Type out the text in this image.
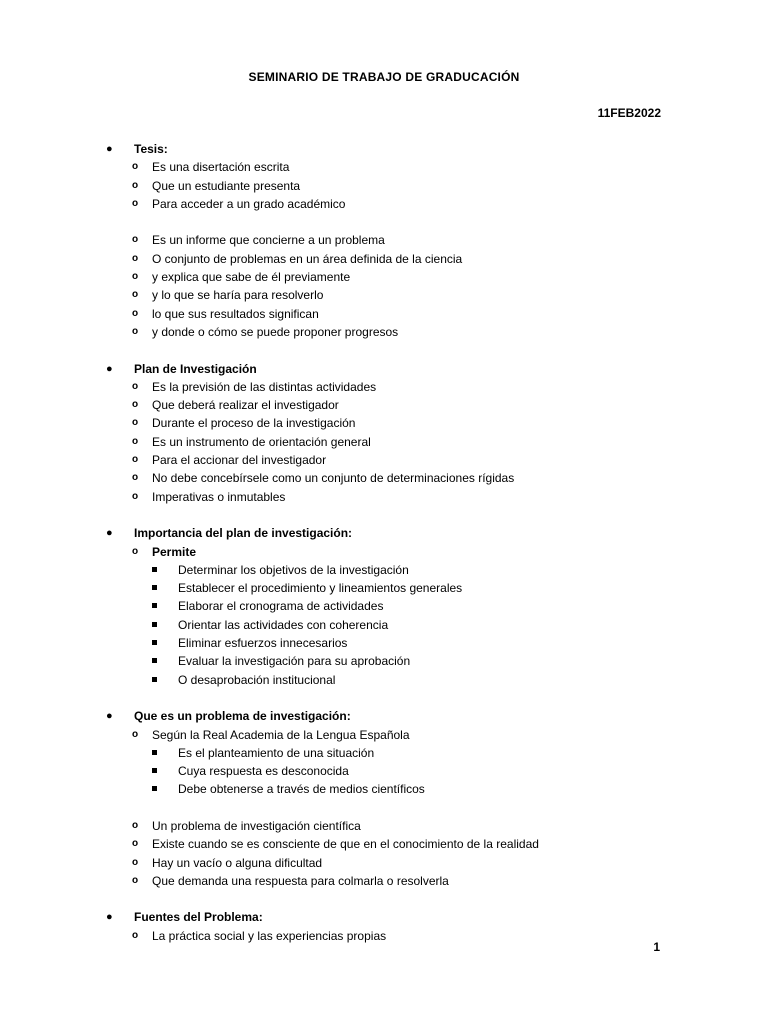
SEMINARIO DE TRABAJO DE GRADUCACIÓN
11FEB2022
● Tesis:
o Es una disertación escrita
o Que un estudiante presenta
o Para acceder a un grado académico
o Es un informe que concierne a un problema
o O conjunto de problemas en un área definida de la ciencia
o y explica que sabe de él previamente
o y lo que se haría para resolverlo
o lo que sus resultados significan
o y donde o cómo se puede proponer progresos
● Plan de Investigación
o Es la previsión de las distintas actividades
o Que deberá realizar el investigador
o Durante el proceso de la investigación
o Es un instrumento de orientación general
o Para el accionar del investigador
o No debe concebírsele como un conjunto de determinaciones rígidas
o Imperativas o inmutables
● Importancia del plan de investigación:
o Permite
Determinar los objetivos de la investigación
Establecer el procedimiento y lineamientos generales
Elaborar el cronograma de actividades
Orientar las actividades con coherencia
Eliminar esfuerzos innecesarios
Evaluar la investigación para su aprobación
O desaprobación institucional
● Que es un problema de investigación:
o Según la Real Academia de la Lengua Española
Es el planteamiento de una situación
Cuya respuesta es desconocida
Debe obtenerse a través de medios científicos
o Un problema de investigación científica
o Existe cuando se es consciente de que en el conocimiento de la realidad
o Hay un vacío o alguna dificultad
o Que demanda una respuesta para colmarla o resolverla
● Fuentes del Problema:
o La práctica social y las experiencias propias
1
